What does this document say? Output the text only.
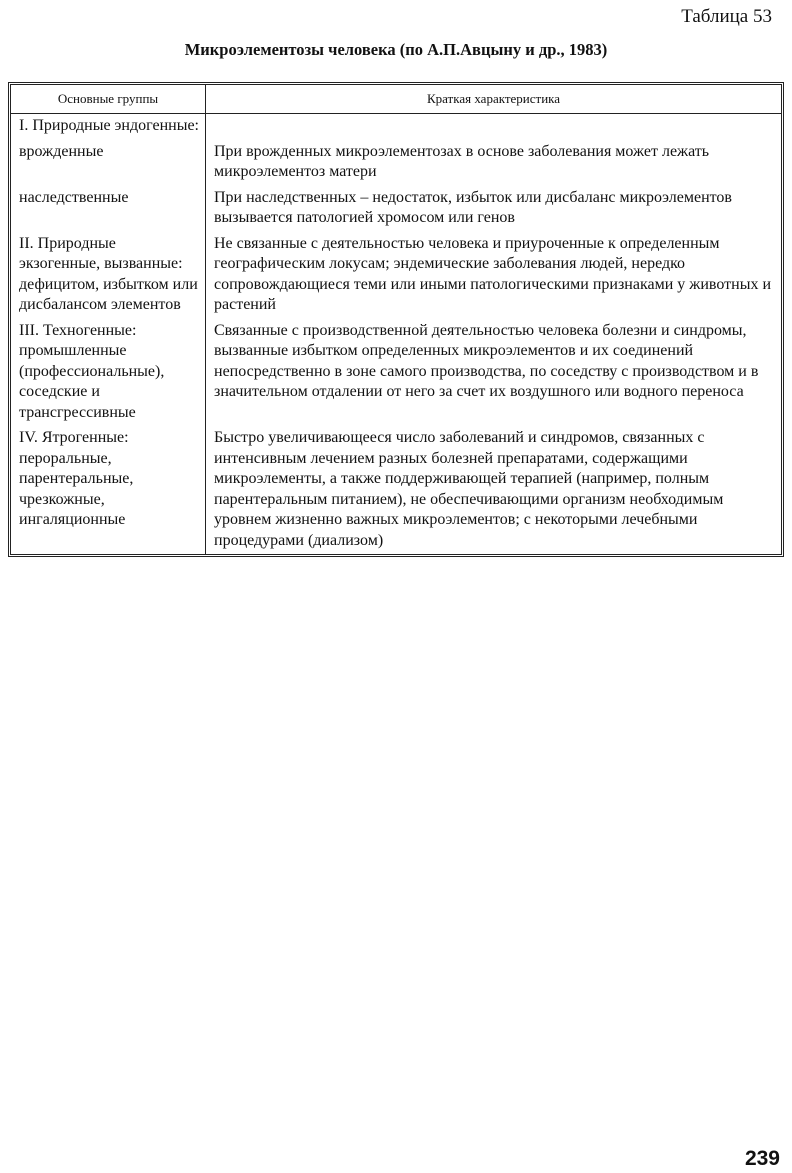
Таблица 53
Микроэлементозы человека (по А.П.Авцыну и др., 1983)
Основные группы	Краткая характеристика
I. Природные эндогенные:	
врожденные	При врожденных микроэлементозах в основе заболевания может лежать микроэлементоз матери
наследственные	При наследственных – недостаток, избыток или дисбаланс микроэлементов вызывается патологией хромосом или генов
II. Природные экзогенные, вызванные: дефицитом, избытком или дисбалансом элементов	Не связанные с деятельностью человека и приуроченные к определенным географическим локусам; эндемические заболевания людей, нередко сопровождающиеся теми или иными патологическими признаками у животных и растений
III. Техногенные: промышленные (профессиональные), соседские и трансгрессивные	Связанные с производственной деятельностью человека болезни и синдромы, вызванные избытком определенных микроэлементов и их соединений непосредственно в зоне самого производства, по соседству с производством и в значительном отдалении от него за счет их воздушного или водного переноса
IV. Ятрогенные: пероральные, парентеральные, чрезкожные, ингаляционные	Быстро увеличивающееся число заболеваний и синдромов, связанных с интенсивным лечением разных болезней препаратами, содержащими микроэлементы, а также поддерживающей терапией (например, полным парентеральным питанием), не обеспечивающими организм необходимым уровнем жизненно важных микроэлементов; с некоторыми лечебными процедурами (диализом)
239
